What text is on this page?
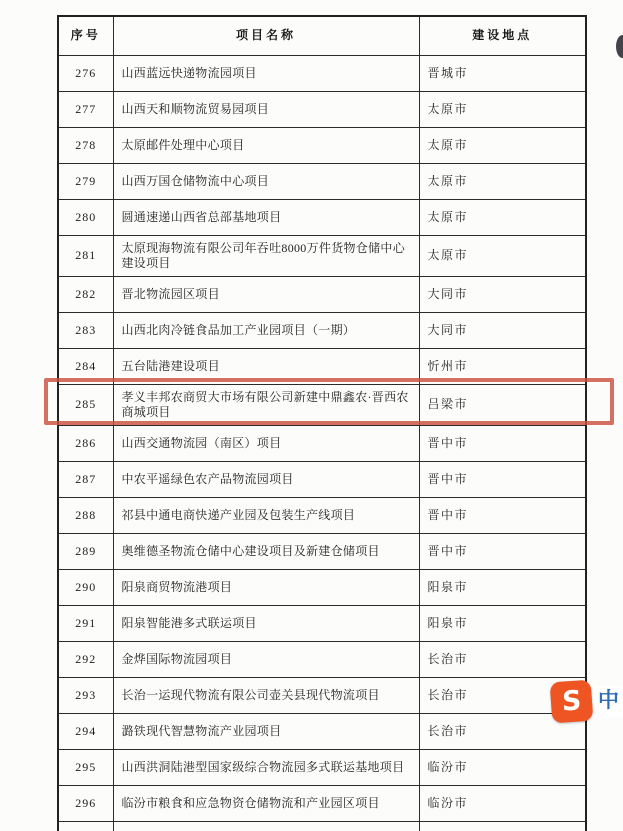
序号	项目名称	建设地点
276	山西蓝远快递物流园项目	晋城市
277	山西天和顺物流贸易园项目	太原市
278	太原邮件处理中心项目	太原市
279	山西万国仓储物流中心项目	太原市
280	圆通速递山西省总部基地项目	太原市
281	太原现海物流有限公司年吞吐8000万件货物仓储中心建设项目	太原市
282	晋北物流园区项目	大同市
283	山西北肉冷链食品加工产业园项目（一期）	大同市
284	五台陆港建设项目	忻州市
285	孝义丰邦农商贸大市场有限公司新建中鼎鑫农·晋西农商城项目	吕梁市
286	山西交通物流园（南区）项目	晋中市
287	中农平遥绿色农产品物流园项目	晋中市
288	祁县中通电商快递产业园及包装生产线项目	晋中市
289	奥维德圣物流仓储中心建设项目及新建仓储项目	晋中市
290	阳泉商贸物流港项目	阳泉市
291	阳泉智能港多式联运项目	阳泉市
292	金烨国际物流园项目	长治市
293	长治一运现代物流有限公司壶关县现代物流项目	长治市
294	潞铁现代智慧物流产业园项目	长治市
295	山西洪洞陆港型国家级综合物流园多式联运基地项目	临汾市
296	临汾市粮食和应急物资仓储物流和产业园区项目	临汾市

S 中
